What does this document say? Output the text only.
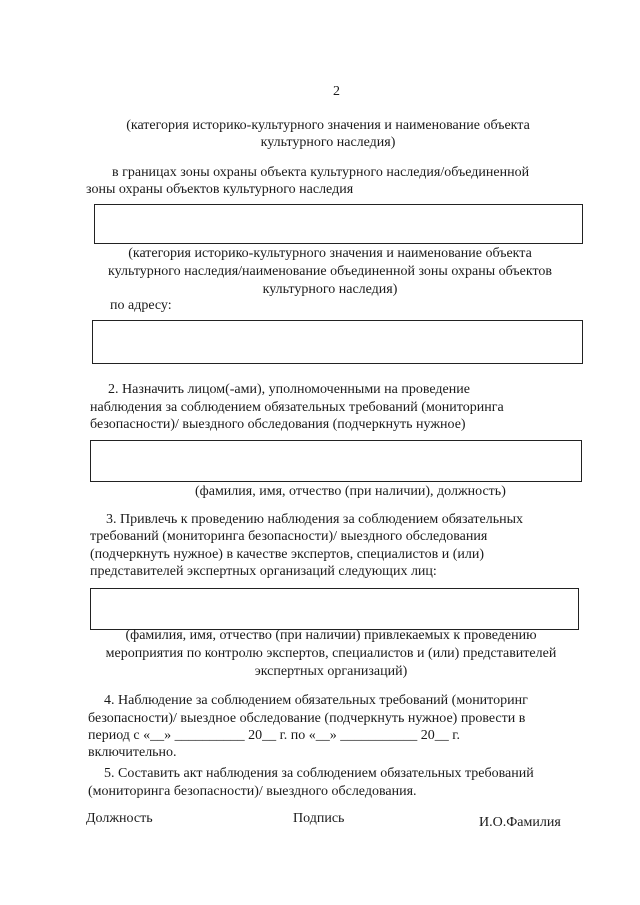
2
(категория историко-культурного значения и наименование объекта
культурного наследия)
в границах зоны охраны объекта культурного наследия/объединенной
зоны охраны объектов культурного наследия
(категория историко-культурного значения и наименование объекта
культурного наследия/наименование объединенной зоны охраны объектов
культурного наследия)
по адресу:
2. Назначить лицом(-ами), уполномоченными на проведение
наблюдения за соблюдением обязательных требований (мониторинга
безопасности)/ выездного обследования (подчеркнуть нужное)
(фамилия, имя, отчество (при наличии), должность)
3. Привлечь к проведению наблюдения за соблюдением обязательных
требований (мониторинга безопасности)/ выездного обследования
(подчеркнуть нужное) в качестве экспертов, специалистов и (или)
представителей экспертных организаций следующих лиц:
(фамилия, имя, отчество (при наличии) привлекаемых к проведению
мероприятия по контролю экспертов, специалистов и (или) представителей
экспертных организаций)
4. Наблюдение за соблюдением обязательных требований (мониторинг
безопасности)/ выездное обследование (подчеркнуть нужное) провести в
период с «__» __________ 20__ г. по «__» ___________ 20__ г.
включительно.
5. Составить акт наблюдения за соблюдением обязательных требований
(мониторинга безопасности)/ выездного обследования.
Должность	Подпись	И.О.Фамилия
